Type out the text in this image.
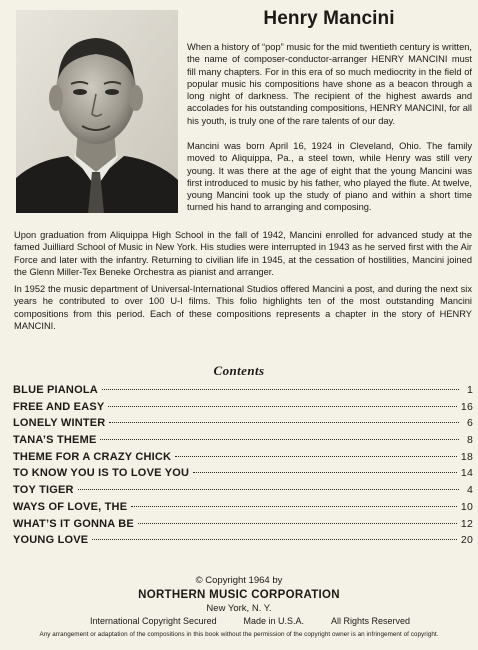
Henry Mancini

When a history of “pop” music for the mid twentieth century is written, the name of composer-conductor-arranger HENRY MANCINI must fill many chapters. For in this era of so much mediocrity in the field of popular music his compositions have shone as a beacon through a long night of darkness. The recipient of the highest awards and accolades for his outstanding compositions, HENRY MANCINI, for all his youth, is truly one of the rare talents of our day.

Mancini was born April 16, 1924 in Cleveland, Ohio. The family moved to Aliquippa, Pa., a steel town, while Henry was still very young. It was there at the age of eight that the young Mancini was first introduced to music by his father, who played the flute. At twelve, young Mancini took up the study of piano and within a short time turned his hand to arranging and composing.

Upon graduation from Aliquippa High School in the fall of 1942, Mancini enrolled for advanced study at the famed Juilliard School of Music in New York. His studies were interrupted in 1943 as he served first with the Air Force and later with the infantry. Returning to civilian life in 1945, at the cessation of hostilities, Mancini joined the Glenn Miller-Tex Beneke Orchestra as pianist and arranger.

In 1952 the music department of Universal-International Studios offered Mancini a post, and during the next six years he contributed to over 100 U-I films. This folio highlights ten of the most outstanding Mancini compositions from this period. Each of these compositions represents a chapter in the story of HENRY MANCINI.

Contents
BLUE PIANOLA	1
FREE AND EASY	16
LONELY WINTER	6
TANA’S THEME	8
THEME FOR A CRAZY CHICK	18
TO KNOW YOU IS TO LOVE YOU	14
TOY TIGER	4
WAYS OF LOVE, THE	10
WHAT’S IT GONNA BE	12
YOUNG LOVE	20
© Copyright 1964 by
NORTHERN MUSIC CORPORATION
New York, N. Y.
International Copyright Secured	Made in U.S.A.	All Rights Reserved
Any arrangement or adaptation of the compositions in this book without the permission of the copyright owner is an infringement of copyright.
